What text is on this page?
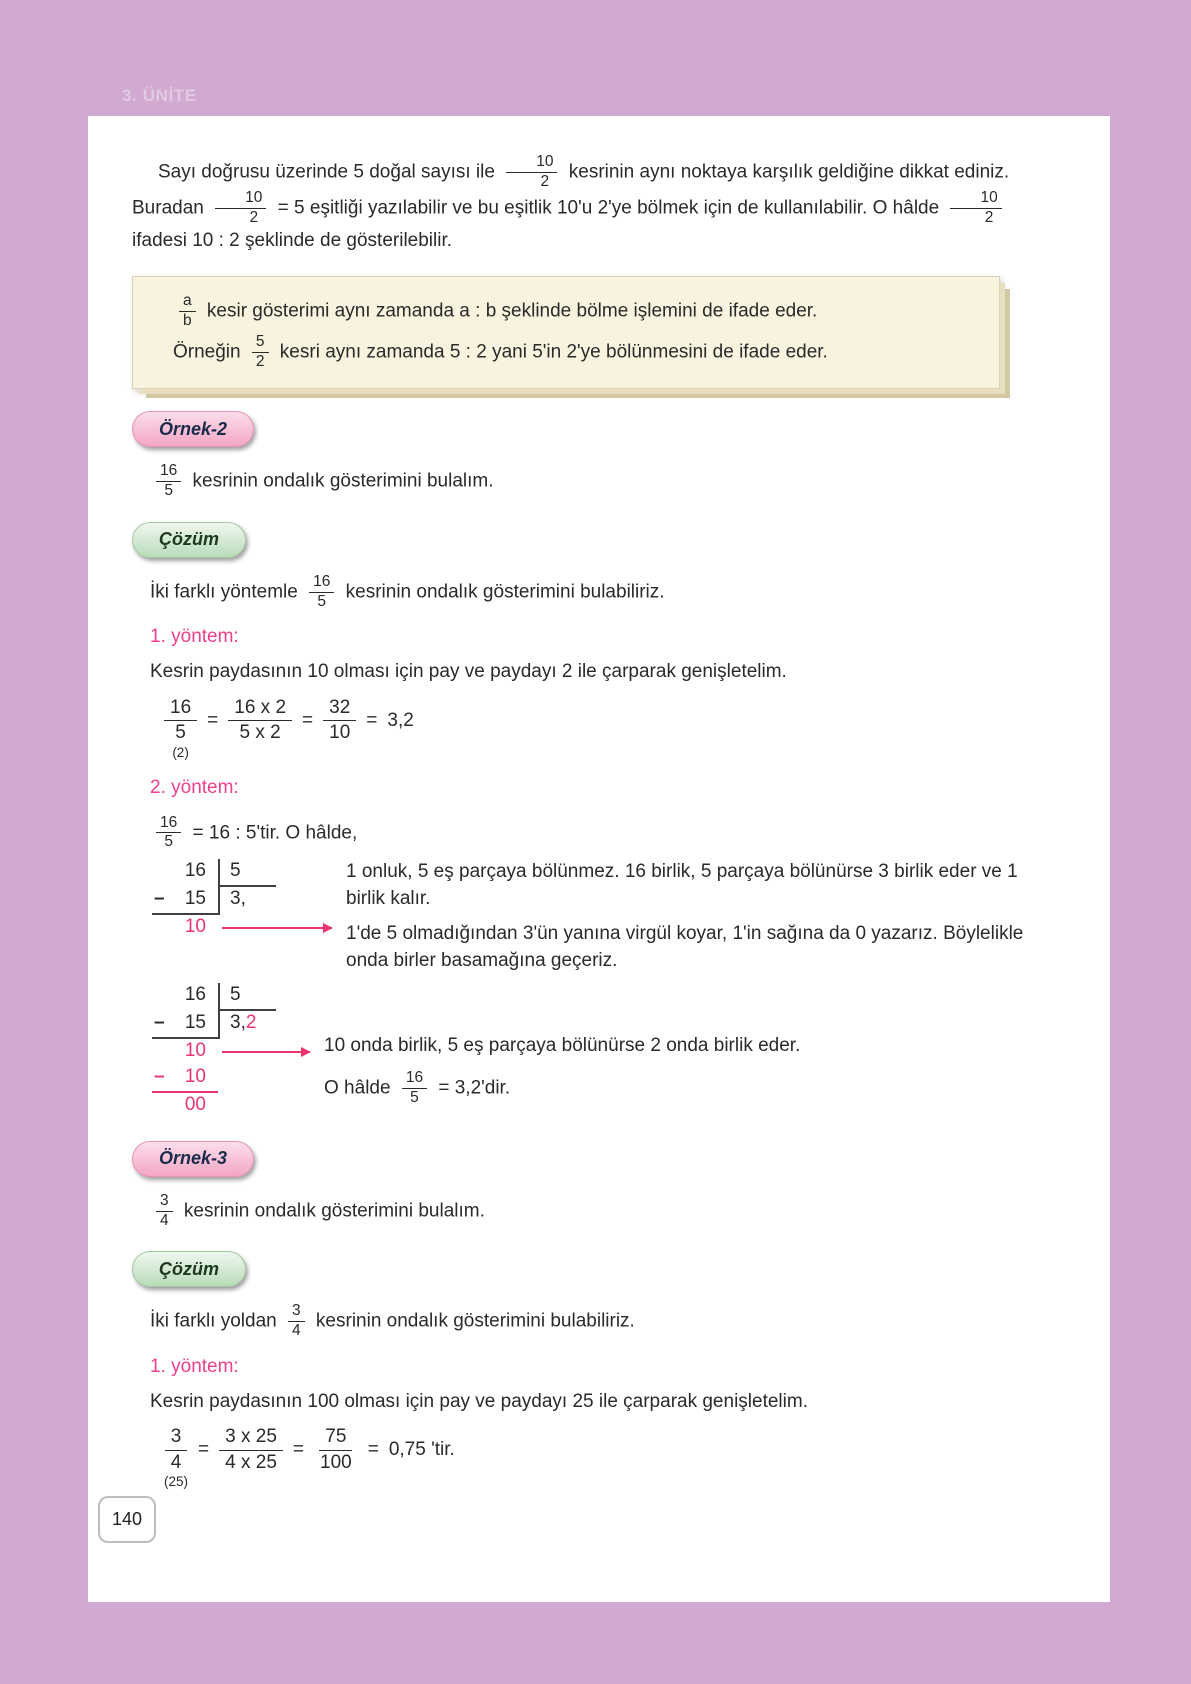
3. ÜNİTE

Sayı doğrusu üzerinde 5 doğal sayısı ile $\frac{10}{2}$ kesrinin aynı noktaya karşılık geldiğine dikkat ediniz. Buradan $\frac{10}{2} = 5$ eşitliği yazılabilir ve bu eşitlik 10'u 2'ye bölmek için de kullanılabilir. O hâlde $\frac{10}{2}$
ifadesi 10 : 2 şeklinde de gösterilebilir.

$\frac{a}{b}$ kesir gösterimi aynı zamanda a : b şeklinde bölme işlemini de ifade eder.

Örneğin $\frac{5}{2}$ kesri aynı zamanda 5 : 2 yani 5'in 2'ye bölünmesini de ifade eder.

Örnek-2

$\frac{16}{5}$ kesrinin ondalık gösterimini bulalım.

Çözüm

İki farklı yöntemle $\frac{16}{5}$ kesrinin ondalık gösterimini bulabiliriz.

1. yöntem:

Kesrin paydasının 10 olması için pay ve paydayı 2 ile çarparak genişletelim.

16
5
(2)
= $\frac{16 x 2}{5 x 2} = \frac{32}{10} = 3,2$

2. yöntem:

$\frac{16}{5} = 16$ : 5'tir. O hâlde,

16	5
– 15	3,
10

1 onluk, 5 eş parçaya bölünmez. 16 birlik, 5 parçaya bölünürse 3 birlik eder ve 1 birlik kalır.

1'de 5 olmadığından 3'ün yanına virgül koyar, 1'in sağına da 0 yazarız. Böylelikle onda birler basamağına geçeriz.

16	5
– 15	3,2
10
– 10
00

10 onda birlik, 5 eş parçaya bölünürse 2 onda birlik eder.

O hâlde $\frac{16}{5} = 3,2'dir$.

Örnek-3

$\frac{3}{4}$ kesrinin ondalık gösterimini bulalım.

Çözüm

İki farklı yoldan $\frac{3}{4}$ kesrinin ondalık gösterimini bulabiliriz.

1. yöntem:

Kesrin paydasının 100 olması için pay ve paydayı 25 ile çarparak genişletelim.

3
4
(25)
= $\frac{3 x 25}{4 x 25} = \frac{75}{100} = 0,75$ 'tir.
140
